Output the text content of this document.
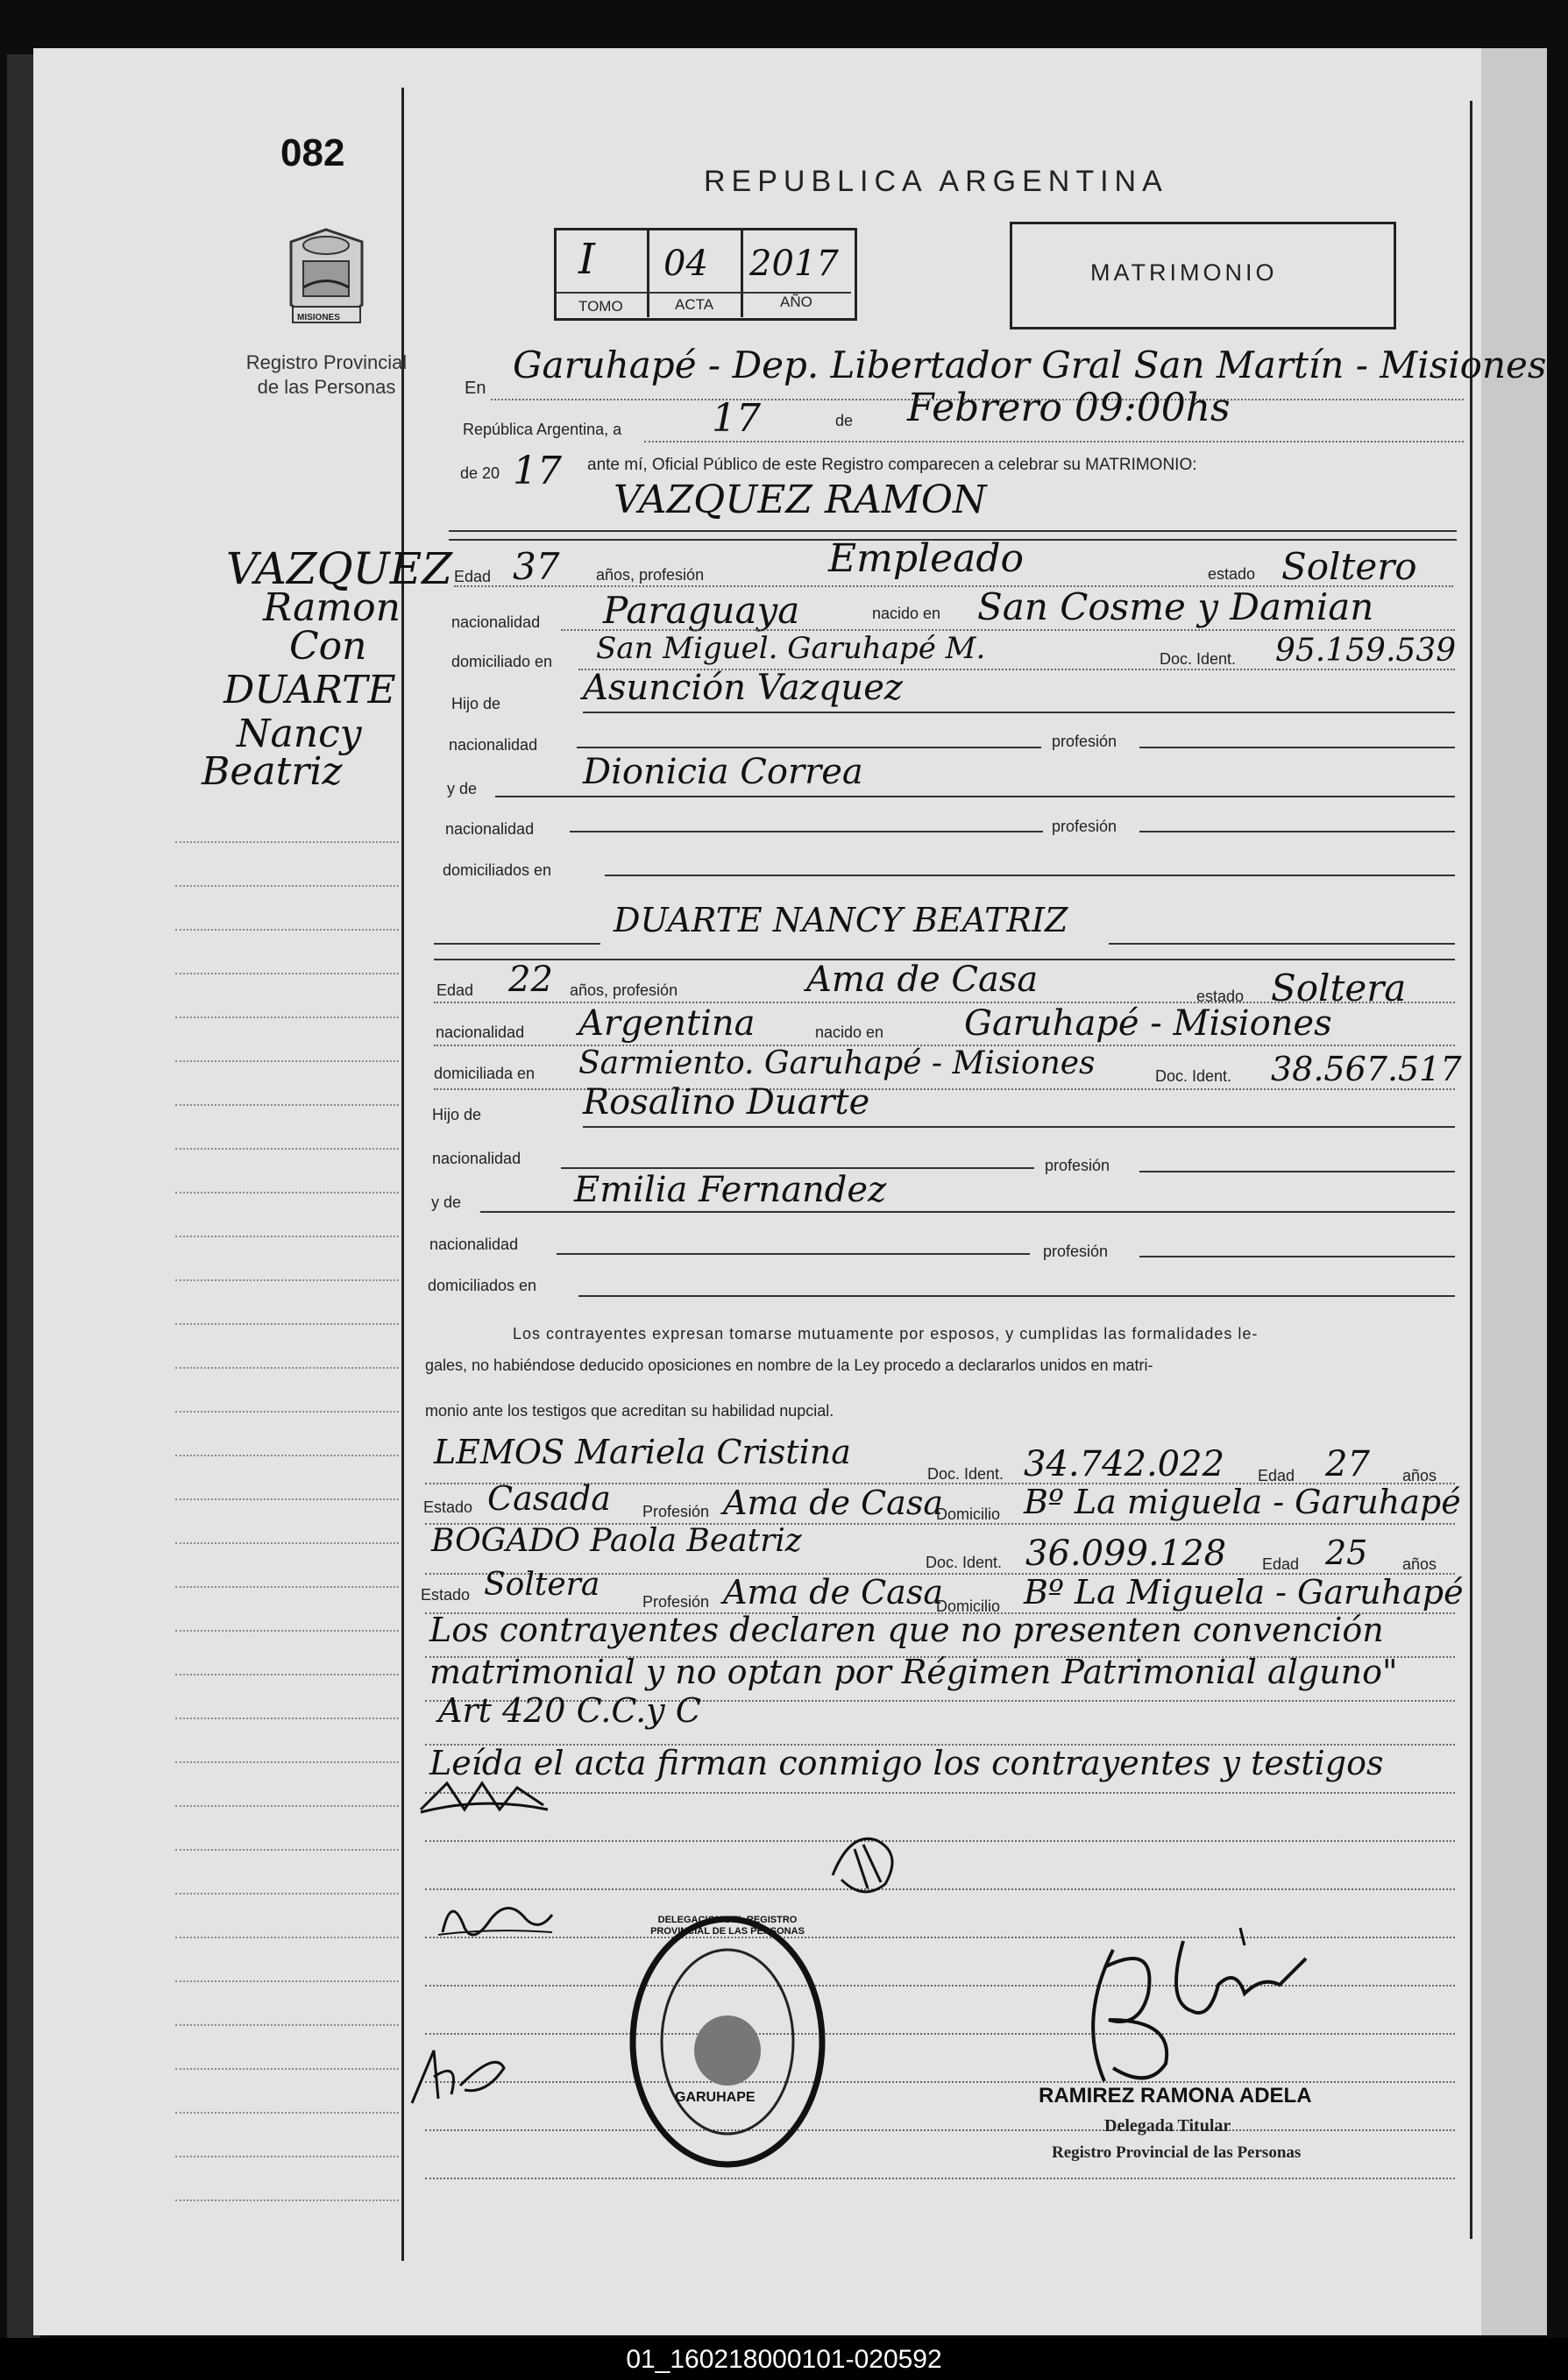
082
MISIONES
Registro Provincial de las Personas
REPUBLICA ARGENTINA
I 04 2017
TOMO	ACTA	AÑO
MATRIMONIO
VAZQUEZ
Ramon
Con
DUARTE
Nancy
Beatriz
En
Garuhapé - Dep. Libertador Gral San Martín - Misiones
República Argentina, a 17	de Febrero 09:00hs
de 20 17 ante mí, Oficial Público de este Registro comparecen a celebrar su MATRIMONIO:
VAZQUEZ RAMON
Edad 37 años, profesión	Empleado	estado Soltero
nacionalidad Paraguaya	nacido en San Cosme y Damian
domiciliado en San Miguel. Garuhapé M.	Doc. Ident. 95.159.539
Hijo de Asunción Vazquez
nacionalidad	profesión
y de	Dionicia Correa
nacionalidad	profesión
domiciliados en
DUARTE NANCY BEATRIZ
Edad 22 años, profesión	Ama de Casa	estado Soltera
nacionalidad Argentina	nacido en Garuhapé - Misiones
domiciliada en Sarmiento. Garuhapé - Misiones	Doc. Ident. 38.567.517
Hijo de	Rosalino Duarte
nacionalidad	profesión
y de	Emilia Fernandez
nacionalidad	profesión
domiciliados en
Los contrayentes expresan tomarse mutuamente por esposos, y cumplidas las formalidades le-
gales, no habiéndose deducido oposiciones en nombre de la Ley procedo a declararlos unidos en matri-
monio ante los testigos que acreditan su habilidad nupcial.
LEMOS Mariela Cristina
Doc. Ident. 34.742.022 Edad 27 años
Estado Casada Profesión Ama de Casa
Domicilio Bº La miguela - Garuhapé
BOGADO Paola Beatriz
Doc. Ident. 36.099.128 Edad 25 años
Estado Soltera	Profesión Ama de Casa
Domicilio Bº La Miguela - Garuhapé
Los contrayentes declaren que no presenten convención
matrimonial y no optan por Régimen Patrimonial alguno"
Art 420 C.C.y C
Leída el acta firman conmigo los contrayentes y testigos
DELEGACION DEL REGISTRO PROVINCIAL DE LAS PERSONAS
GARUHAPE	RAMIREZ RAMONA ADELA
Delegada Titular
Registro Provincial de las Personas
01_160218000101-020592
